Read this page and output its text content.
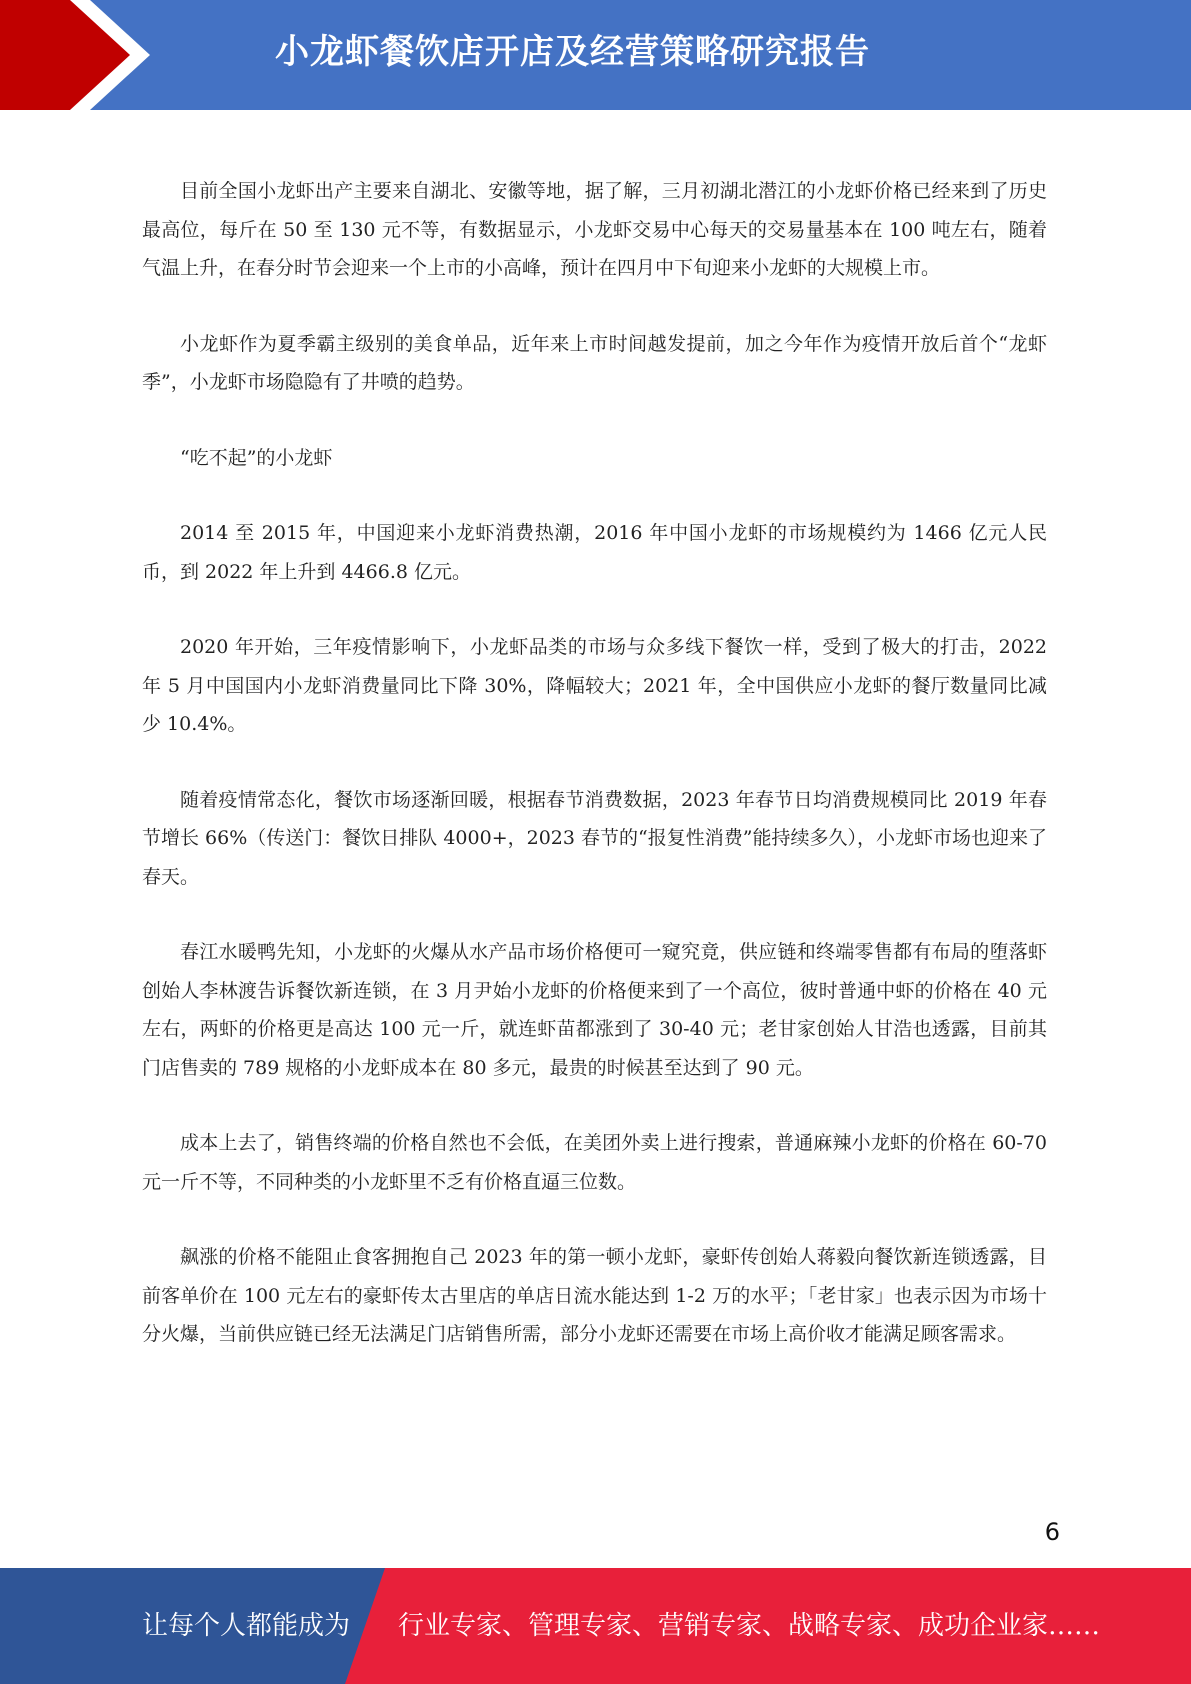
小龙虾餐饮店开店及经营策略研究报告

目前全国小龙虾出产主要来自湖北、安徽等地，据了解，三月初湖北潜江的小龙虾价格已经来到了历史最高位，每斤在 50 至 130 元不等，有数据显示，小龙虾交易中心每天的交易量基本在 100 吨左右，随着气温上升，在春分时节会迎来一个上市的小高峰，预计在四月中下旬迎来小龙虾的大规模上市。

小龙虾作为夏季霸主级别的美食单品，近年来上市时间越发提前，加之今年作为疫情开放后首个“龙虾季”，小龙虾市场隐隐有了井喷的趋势。

“吃不起”的小龙虾

2014 至 2015 年，中国迎来小龙虾消费热潮，2016 年中国小龙虾的市场规模约为 1466 亿元人民币，到 2022 年上升到 4466.8 亿元。

2020 年开始，三年疫情影响下，小龙虾品类的市场与众多线下餐饮一样，受到了极大的打击，2022 年 5 月中国国内小龙虾消费量同比下降 30%，降幅较大；2021 年，全中国供应小龙虾的餐厅数量同比减少 10.4%。

随着疫情常态化，餐饮市场逐渐回暖，根据春节消费数据，2023 年春节日均消费规模同比 2019 年春节增长 66%（传送门：餐饮日排队 4000+，2023 春节的“报复性消费”能持续多久），小龙虾市场也迎来了春天。

春江水暖鸭先知，小龙虾的火爆从水产品市场价格便可一窥究竟，供应链和终端零售都有布局的堕落虾创始人李林渡告诉餐饮新连锁，在 3 月尹始小龙虾的价格便来到了一个高位，彼时普通中虾的价格在 40 元左右，两虾的价格更是高达 100 元一斤，就连虾苗都涨到了 30-40 元；老甘家创始人甘浩也透露，目前其门店售卖的 789 规格的小龙虾成本在 80 多元，最贵的时候甚至达到了 90 元。

成本上去了，销售终端的价格自然也不会低，在美团外卖上进行搜索，普通麻辣小龙虾的价格在 60-70 元一斤不等，不同种类的小龙虾里不乏有价格直逼三位数。

飙涨的价格不能阻止食客拥抱自己 2023 年的第一顿小龙虾，豪虾传创始人蒋毅向餐饮新连锁透露，目前客单价在 100 元左右的豪虾传太古里店的单店日流水能达到 1-2 万的水平；「老甘家」也表示因为市场十分火爆，当前供应链已经无法满足门店销售所需，部分小龙虾还需要在市场上高价收才能满足顾客需求。

6
让每个人都能成为 行业专家、管理专家、营销专家、战略专家、成功企业家……
